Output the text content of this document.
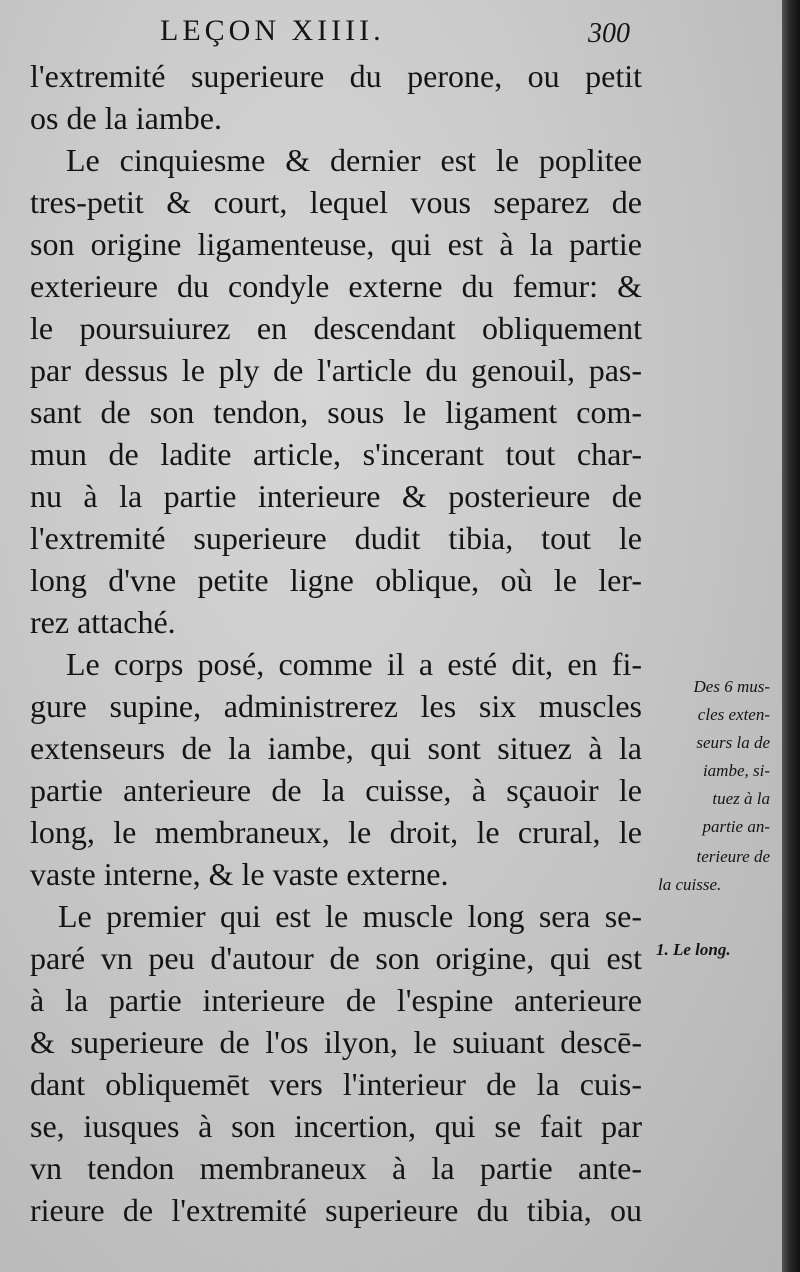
LEÇON XIIII.	300
l'extremité superieure du perone, ou petit
os de la iambe.
Le cinquiesme & dernier est le poplitee
tres-petit & court, lequel vous separez de
son origine ligamenteuse, qui est à la partie
exterieure du condyle externe du femur: &
le poursuiurez en descendant obliquement
par dessus le ply de l'article du genouil, pas-
sant de son tendon, sous le ligament com-
mun de ladite article, s'incerant tout char-
nu à la partie interieure & posterieure de
l'extremité superieure dudit tibia, tout le
long d'vne petite ligne oblique, où le ler-
rez attaché.
Le corps posé, comme il a esté dit, en fi-
gure supine, administrerez les six muscles
extenseurs de la iambe, qui sont situez à la
partie anterieure de la cuisse, à sçauoir le
long, le membraneux, le droit, le crural, le
vaste interne, & le vaste externe.
Le premier qui est le muscle long sera se-
paré vn peu d'autour de son origine, qui est
à la partie interieure de l'espine anterieure
& superieure de l'os ilyon, le suiuant descē-
dant obliquemēt vers l'interieur de la cuis-
se, iusques à son incertion, qui se fait par
vn tendon membraneux à la partie ante-
rieure de l'extremité superieure du tibia, ou
Des 6 mus-
cles exten-
seurs la de
iambe, si-
tuez à la
partie an-
terieure de
la cuisse.
1. Le long.
